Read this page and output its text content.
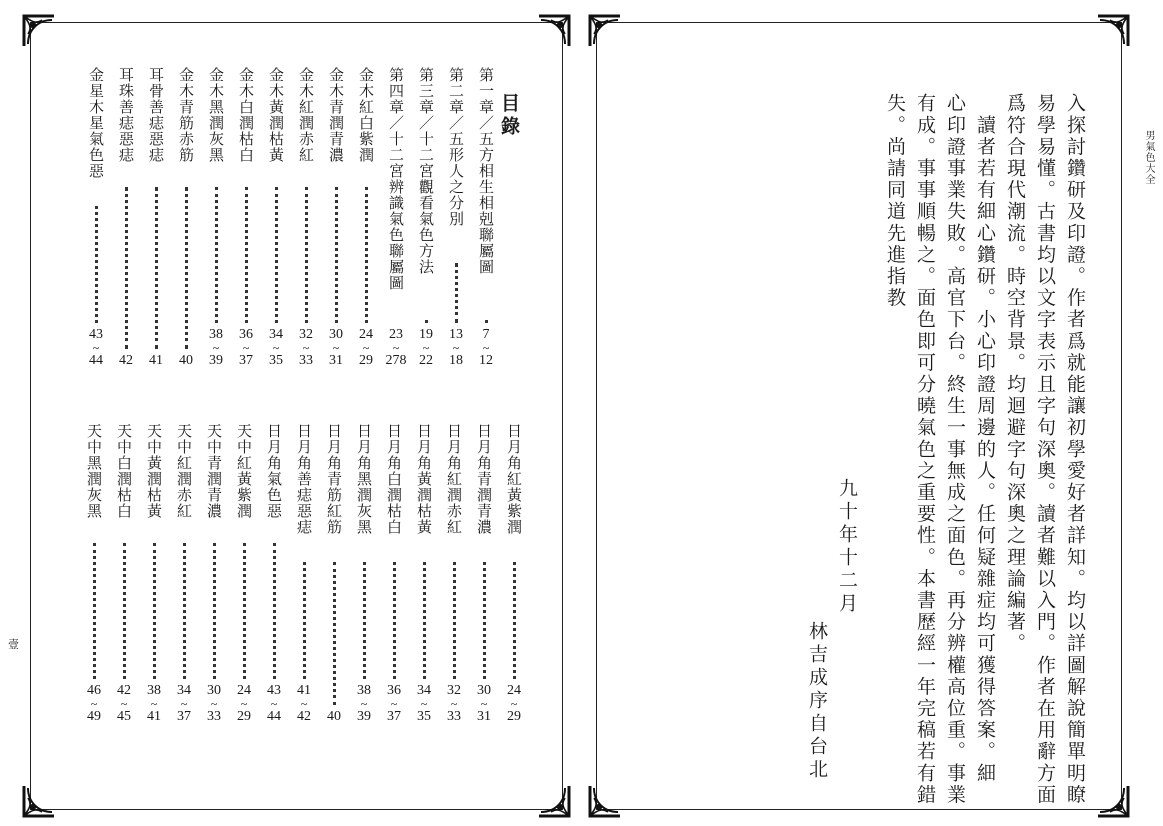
目錄
第一章／五方相生相剋聯屬圖
7
~
12
第二章／五形人之分別
13
~
18
第三章／十二宮觀看氣色方法
19
~
22
第四章／十二宮辨識氣色聯屬圖
23
~
278
金木紅白紫潤
24
~
29
金木青潤青濃
30
~
31
金木紅潤赤紅
32
~
33
金木黃潤枯黃
34
~
35
金木白潤枯白
36
~
37
金木黑潤灰黑
38
~
39
金木青筋赤筋
40
耳骨善痣惡痣
41
耳珠善痣惡痣
42
金星木星氣色惡
43
~
44
日月角紅黃紫潤
24
~
29
日月角青潤青濃
30
~
31
日月角紅潤赤紅
32
~
33
日月角黃潤枯黃
34
~
35
日月角白潤枯白
36
~
37
日月角黑潤灰黑
38
~
39
日月角青筋紅筋
40
日月角善痣惡痣
41
~
42
日月角氣色惡
43
~
44
天中紅黃紫潤
24
~
29
天中青潤青濃
30
~
33
天中紅潤赤紅
34
~
37
天中黃潤枯黃
38
~
41
天中白潤枯白
42
~
45
天中黑潤灰黑
46
~
49	入探討鑽研及印證。作者爲就能讓初學愛好者詳知。均以詳圖解說簡單明瞭
易學易懂。古書均以文字表示且字句深奧。讀者難以入門。作者在用辭方面
爲符合現代潮流。時空背景。均迴避字句深奧之理論編著。
　讀者若有細心鑽研。小心印證周邊的人。任何疑雜症均可獲得答案。細
心印證事業失敗。高官下台。終生一事無成之面色。再分辨權高位重。事業
有成。事事順暢之。面色即可分曉氣色之重要性。本書歷經一年完稿若有錯
失。尚請同道先進指教
九十年十二月
林吉成序自台北
男氣色大全
壹
